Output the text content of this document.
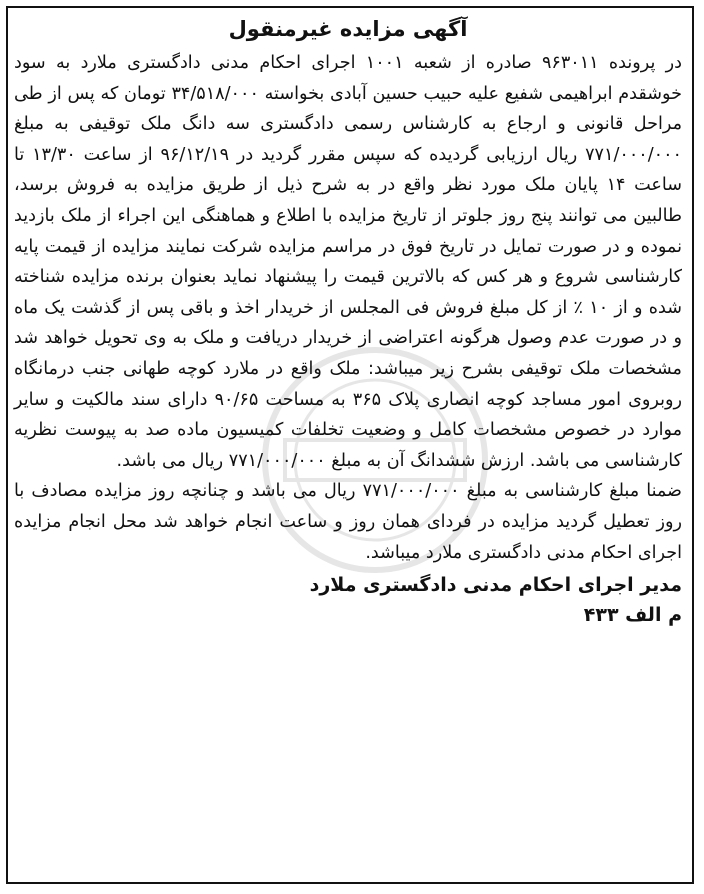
آگهی مزایده غیرمنقول

در پرونده ۹۶۳۰۱۱ صادره از شعبه ۱۰۰۱ اجرای احکام مدنی دادگستری ملارد به سود خوشقدم ابراهیمی شفیع علیه حبیب حسین آبادی بخواسته ۳۴/۵۱۸/۰۰۰ تومان که پس از طی مراحل قانونی و ارجاع به کارشناس رسمی دادگستری سه دانگ ملک توقیفی به مبلغ ۷۷۱/۰۰۰/۰۰۰ ریال ارزیابی گردیده که سپس مقرر گردید در ۹۶/۱۲/۱۹ از ساعت ۱۳/۳۰ تا ساعت ۱۴ پایان ملک مورد نظر واقع در به شرح ذیل از طریق مزایده به فروش برسد، طالبین می توانند پنج روز جلوتر از تاریخ مزایده با اطلاع و هماهنگی این اجراء از ملک بازدید نموده و در صورت تمایل در تاریخ فوق در مراسم مزایده شرکت نمایند مزایده از قیمت پایه کارشناسی شروع و هر کس که بالاترین قیمت را پیشنهاد نماید بعنوان برنده مزایده شناخته شده و از ۱۰ ٪ از کل مبلغ فروش فی المجلس از خریدار اخذ و باقی پس از گذشت یک ماه و در صورت عدم وصول هرگونه اعتراضی از خریدار دریافت و ملک به وی تحویل خواهد شد مشخصات ملک توقیفی بشرح زیر میباشد: ملک واقع در ملارد کوچه طهانی جنب درمانگاه روبروی امور مساجد کوچه انصاری پلاک ۳۶۵ به مساحت ۹۰/۶۵ دارای سند مالکیت و سایر موارد در خصوص مشخصات کامل و وضعیت تخلفات کمیسیون ماده صد به پیوست نظریه کارشناسی می باشد. ارزش ششدانگ آن به مبلغ ۷۷۱/۰۰۰/۰۰۰ ریال می باشد.

ضمنا مبلغ کارشناسی به مبلغ ۷۷۱/۰۰۰/۰۰۰ ریال می باشد و چنانچه روز مزایده مصادف با روز تعطیل گردید مزایده در فردای همان روز و ساعت انجام خواهد شد محل انجام مزایده اجرای احکام مدنی دادگستری ملارد میباشد.

مدیر اجرای احکام مدنی دادگستری ملارد
م الف ۴۳۳
